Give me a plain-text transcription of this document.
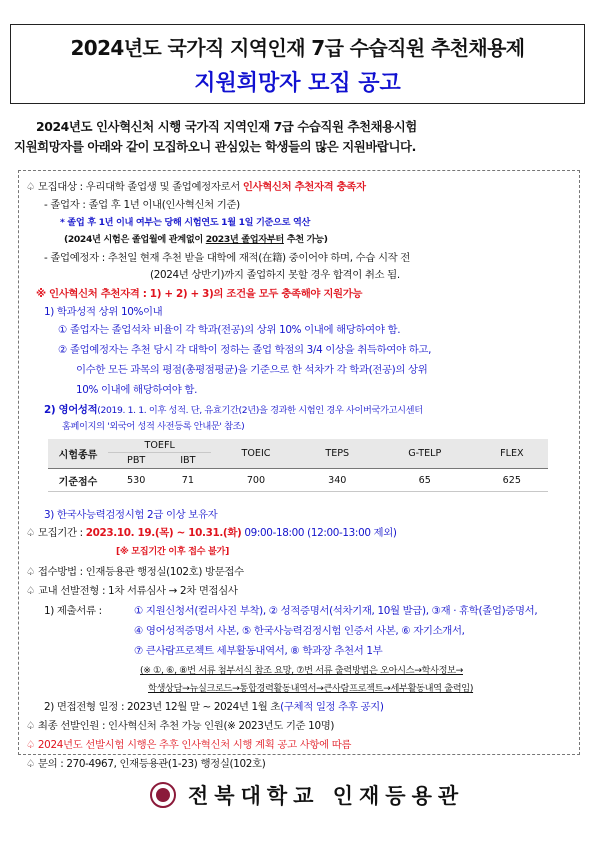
2024년도 국가직 지역인재 7급 수습직원 추천채용제
지원희망자 모집 공고
2024년도 인사혁신처 시행 국가직 지역인재 7급 수습직원 추천채용시험
지원희망자를 아래와 같이 모집하오니 관심있는 학생들의 많은 지원바랍니다.
♤ 모집대상 : 우리대학 졸업생 및 졸업예정자로서 인사혁신처 추천자격 충족자
- 졸업자 : 졸업 후 1년 이내(인사혁신처 기준)
* 졸업 후 1년 이내 여부는 당해 시험연도 1월 1일 기준으로 역산
(2024년 시험은 졸업월에 관계없이 2023년 졸업자부터 추천 가능)
- 졸업예정자 : 추천일 현재 추천 받을 대학에 재적(在籍) 중이어야 하며, 수습 시작 전
(2024년 상반기)까지 졸업하지 못할 경우 합격이 취소 됨.
※ 인사혁신처 추천자격 : 1) + 2) + 3)의 조건을 모두 충족해야 지원가능
1) 학과성적 상위 10%이내
① 졸업자는 졸업석차 비율이 각 학과(전공)의 상위 10% 이내에 해당하여야 함.
② 졸업예정자는 추천 당시 각 대학이 정하는 졸업 학점의 3/4 이상을 취득하여야 하고,
이수한 모든 과목의 평점(총평점평균)을 기준으로 한 석차가 각 학과(전공)의 상위
10% 이내에 해당하여야 함.
2) 영어성적(2019. 1. 1. 이후 성적. 단, 유효기간(2년)을 경과한 시험인 경우 사이버국가고시센터
홈페이지의 '외국어 성적 사전등록 안내문' 참조)
시험종류	TOEFL		TOEIC	TEPS	G-TELP	FLEX
	PBT	IBT				
기준점수	530	71	700	340	65	625
3) 한국사능력검정시험 2급 이상 보유자
♤ 모집기간 : 2023.10. 19.(목) ~ 10.31.(화) 09:00-18:00 (12:00-13:00 제외)
[※ 모집기간 이후 접수 불가]
♤ 접수방법 : 인재등용관 행정실(102호) 방문접수
♤ 교내 선발전형 : 1차 서류심사 → 2차 면접심사
1) 제출서류 :	① 지원신청서(컬러사진 부착), ② 성적증명서(석차기재, 10월 발급), ③재 · 휴학(졸업)증명서,
④ 영어성적증명서 사본, ⑤ 한국사능력검정시험 인증서 사본, ⑥ 자기소개서,
⑦ 큰사람프로젝트 세부활동내역서, ⑧ 학과장 추천서 1부
(※ ①, ⑥, ⑧번 서류 첨부서식 참조 요망, ⑦번 서류 출력방법은 오아시스→학사정보→
학생상담→뉴실크로드→통합경력활동내역서→큰사람프로젝트→세부활동내역 출력임)
2) 면접전형 일정 : 2023년 12월 말 ~ 2024년 1월 초(구체적 일정 추후 공지)
♤ 최종 선발인원 : 인사혁신처 추천 가능 인원(※ 2023년도 기준 10명)
♤ 2024년도 선발시험 시행은 추후 인사혁신처 시행 계획 공고 사항에 따름
♤ 문의 : 270-4967, 인재등용관(1-23) 행정실(102호)
전북대학교 인재등용관
